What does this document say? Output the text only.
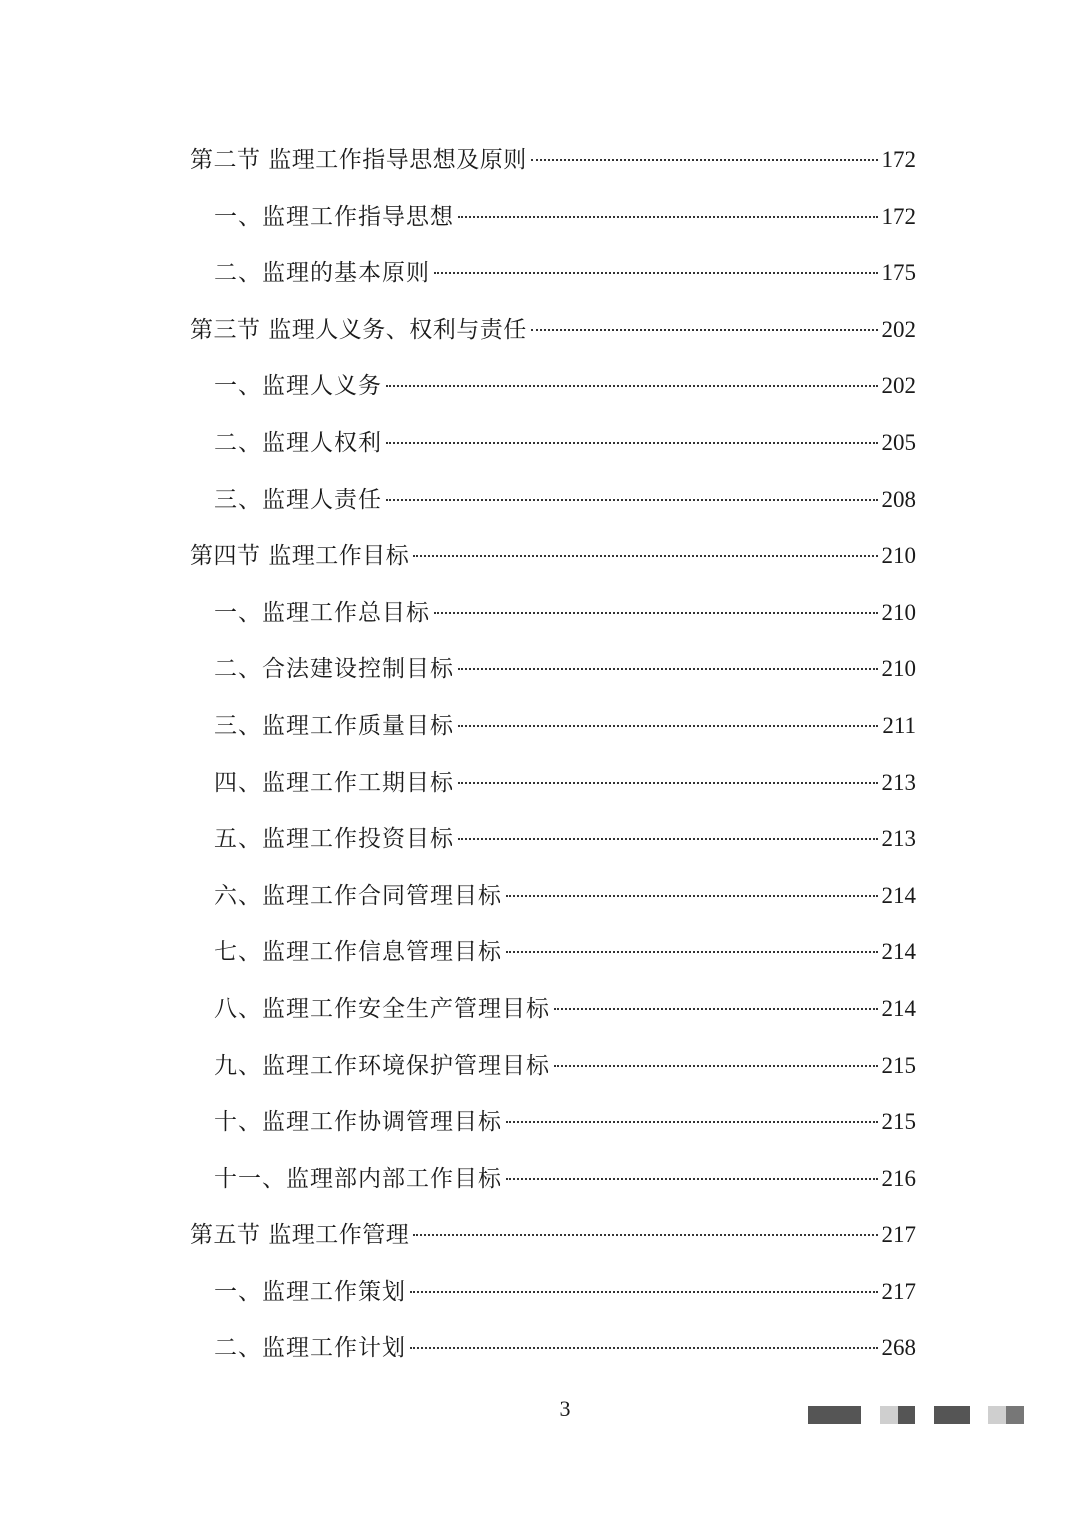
第二节 监理工作指导思想及原则	172
一、监理工作指导思想	172
二、监理的基本原则	175
第三节 监理人义务、权利与责任	202
一、监理人义务	202
二、监理人权利	205
三、监理人责任	208
第四节 监理工作目标	210
一、监理工作总目标	210
二、合法建设控制目标	210
三、监理工作质量目标	211
四、监理工作工期目标	213
五、监理工作投资目标	213
六、监理工作合同管理目标	214
七、监理工作信息管理目标	214
八、监理工作安全生产管理目标	214
九、监理工作环境保护管理目标	215
十、监理工作协调管理目标	215
十一、监理部内部工作目标	216
第五节 监理工作管理	217
一、监理工作策划	217
二、监理工作计划	268
3
